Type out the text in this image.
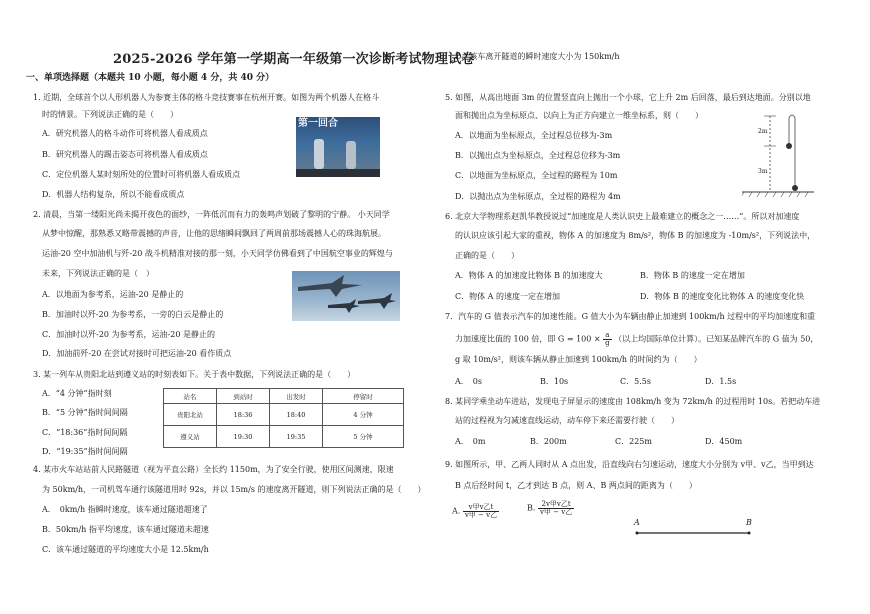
2025-2026 学年第一学期高一年级第一次诊断考试物理试卷
一、单项选择题（本题共 10 小题，每小题 4 分，共 40 分）
1. 近期，全球首个以人形机器人为参赛主体的格斗竞技赛事在杭州开赛。如图为两个机器人在格斗
时的情景。下列说法正确的是（　　）
A．研究机器人的格斗动作可将机器人看成质点
B．研究机器人的踢击姿态可将机器人看成质点
C．定位机器人某时刻所处的位置时可将机器人看成质点
D．机器人结构复杂，所以不能看成质点
第一回合
2. 清晨，当第一缕阳光尚未揭开夜色的面纱，一阵低沉而有力的轰鸣声划破了黎明的宁静。 小天同学
从梦中惊醒，那熟悉又略带震撼的声音，让他的思绪瞬间飘回了两周前那场震撼人心的珠海航展。
运油-20 空中加油机与歼-20 战斗机精准对接的那一刻，小天同学仿佛看到了中国航空事业的辉煌与
未来，下列说法正确的是（　）
A．以地面为参考系，运油-20 是静止的
B．加油时以歼-20 为参考系，一旁的白云是静止的
C．加油时以歼-20 为参考系，运油-20 是静止的
D．加油前歼-20 在尝试对接时可把运油-20 看作质点
3. 某一列车从贵阳北站到遵义站的时刻表如下。关于表中数据，下列说法正确的是（　　）
A．“4 分钟”指时刻
B．“5 分钟”指时间间隔
C．“18:36”指时间间隔
D．“19:35”指时间间隔
站名	到站时	出发时	停留时
贵阳北站	18:36	18:40	4 分钟
遵义站	19:30	19:35	5 分钟
4. 某市火车站站前人民路隧道（视为平直公路）全长约 1150m，为了安全行驶，使用区间测速，限速
为 50km/h，一司机驾车通行该隧道用时 92s，并以 15m/s 的速度离开隧道，则下列说法正确的是（　　）
A．　0km/h 指瞬时速度，该车通过隧道超速了
B．50km/h 指平均速度，该车通过隧道未超速
C．该车通过隧道的平均速度大小是 12.5km/h
D．该车离开隧道的瞬时速度大小为 150km/h
5. 如图，从高出地面 3m 的位置竖直向上抛出一个小球，它上升 2m 后回落，最后到达地面。分别以地
面和抛出点为坐标原点、以向上为正方向建立一维坐标系，则（　　）
A．以地面为坐标原点，全过程总位移为-3m
B．以抛出点为坐标原点，全过程总位移为-3m
C．以地面为坐标原点，全过程的路程为 10m
D．以抛出点为坐标原点，全过程的路程为 4m
2m
3m
6. 北京大学物理系赵凯华教授说过“加速度是人类认识史上最难建立的概念之一……”。所以对加速度
的认识应该引起大家的重视，物体 A 的加速度为 8m/s²，物体 B 的加速度为 -10m/s²，下列说法中，
正确的是（　　）
A．物体 A 的加速度比物体 B 的加速度大	B．物体 B 的速度一定在增加
C．物体 A 的速度一定在增加	D．物体 B 的速度变化比物体 A 的速度变化快
7．汽车的 G 值表示汽车的加速性能。G 值大小为车辆由静止加速到 100km/h 过程中的平均加速度和重
力加速度比值的 100 倍，即 $G = 100 \times \frac{a}{g}$ （以上均国际单位计算）。已知某品牌汽车的 G 值为 50，
g 取 10m/s²，则该车辆从静止加速到 100km/h 的时间约为（　　）
A．　0s	B．10s	C．5.5s	D．1.5s
8. 某同学乘坐动车进站，发现电子屏显示的速度由 108km/h 变为 72km/h 的过程用时 10s。若把动车进
站的过程视为匀减速直线运动，动车停下来还需要行驶（　　）
A．　0m	B．200m	C．225m	D．450m
9. 如图所示，甲、乙两人同时从 A 点出发，沿直线向右匀速运动，速度大小分别为 v甲、v乙，当甲到达
B 点后经时间 t，乙才到达 B 点，则 A、B 两点间的距离为（　　）
A. $\frac{\text{v甲v乙t}}{\text{v甲 − v乙}}$	B. $\frac{\text{2v甲v乙t}}{\text{v甲 − v乙}}$
A	B
